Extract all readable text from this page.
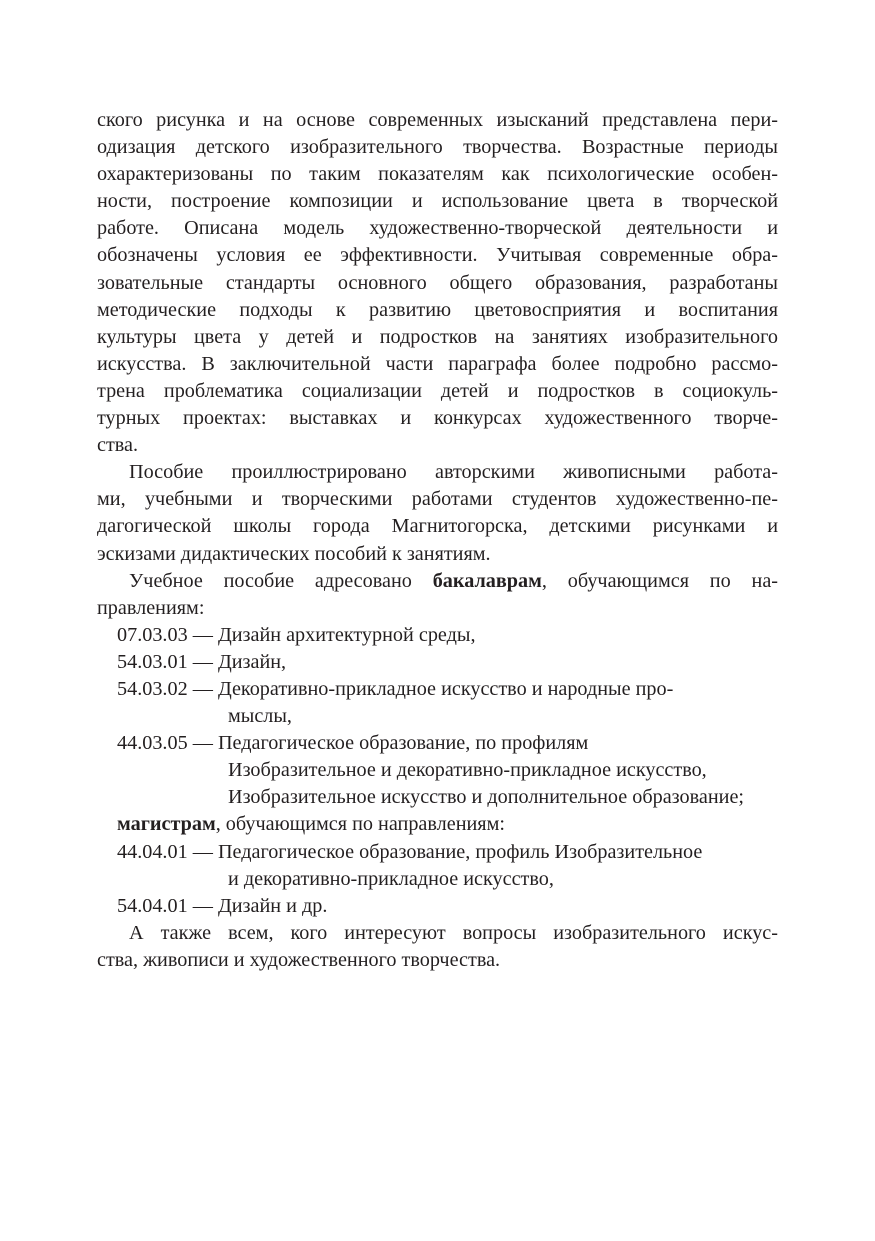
ского рисунка и на основе современных изысканий представлена пери-
одизация детского изобразительного творчества. Возрастные периоды
охарактеризованы по таким показателям как психологические особен-
ности, построение композиции и использование цвета в творческой
работе. Описана модель художественно-творческой деятельности и
обозначены условия ее эффективности. Учитывая современные обра-
зовательные стандарты основного общего образования, разработаны
методические подходы к развитию цветовосприятия и воспитания
культуры цвета у детей и подростков на занятиях изобразительного
искусства. В заключительной части параграфа более подробно рассмо-
трена проблематика социализации детей и подростков в социокуль-
турных проектах: выставках и конкурсах художественного творче-
ства.
Пособие проиллюстрировано авторскими живописными работа-
ми, учебными и творческими работами студентов художественно-пе-
дагогической школы города Магнитогорска, детскими рисунками и
эскизами дидактических пособий к занятиям.
Учебное пособие адресовано бакалаврам, обучающимся по на-
правлениям:
07.03.03 — Дизайн архитектурной среды,
54.03.01 — Дизайн,
54.03.02 — Декоративно-прикладное искусство и народные про-
мыслы,
44.03.05 — Педагогическое образование, по профилям
Изобразительное и декоративно-прикладное искусство,
Изобразительное искусство и дополнительное образование;
магистрам, обучающимся по направлениям:
44.04.01 — Педагогическое образование, профиль Изобразительное
и декоративно-прикладное искусство,
54.04.01 — Дизайн и др.
А также всем, кого интересуют вопросы изобразительного искус-
ства, живописи и художественного творчества.
